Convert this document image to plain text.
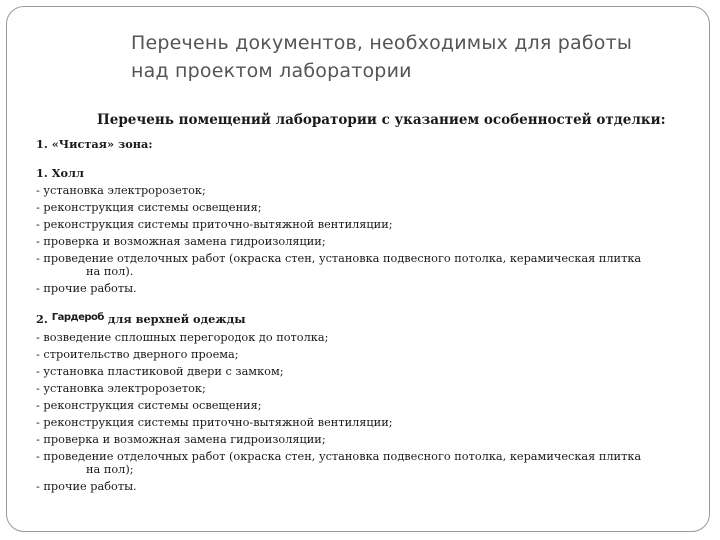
Перечень документов, необходимых для работы
над проектом лаборатории
Перечень помещений лаборатории с указанием особенностей отделки:
1. «Чистая» зона:
1. Холл
- установка электророзеток;
- реконструкция системы освещения;
- реконструкция системы приточно-вытяжной вентиляции;
- проверка и возможная замена гидроизоляции;
- проведение отделочных работ (окраска стен, установка подвесного потолка, керамическая плитка
на пол).
- прочие работы.
2. Гардероб для верхней одежды
- возведение сплошных перегородок до потолка;
- строительство дверного проема;
- установка пластиковой двери с замком;
- установка электророзеток;
- реконструкция системы освещения;
- реконструкция системы приточно-вытяжной вентиляции;
- проверка и возможная замена гидроизоляции;
- проведение отделочных работ (окраска стен, установка подвесного потолка, керамическая плитка
на пол);
- прочие работы.
